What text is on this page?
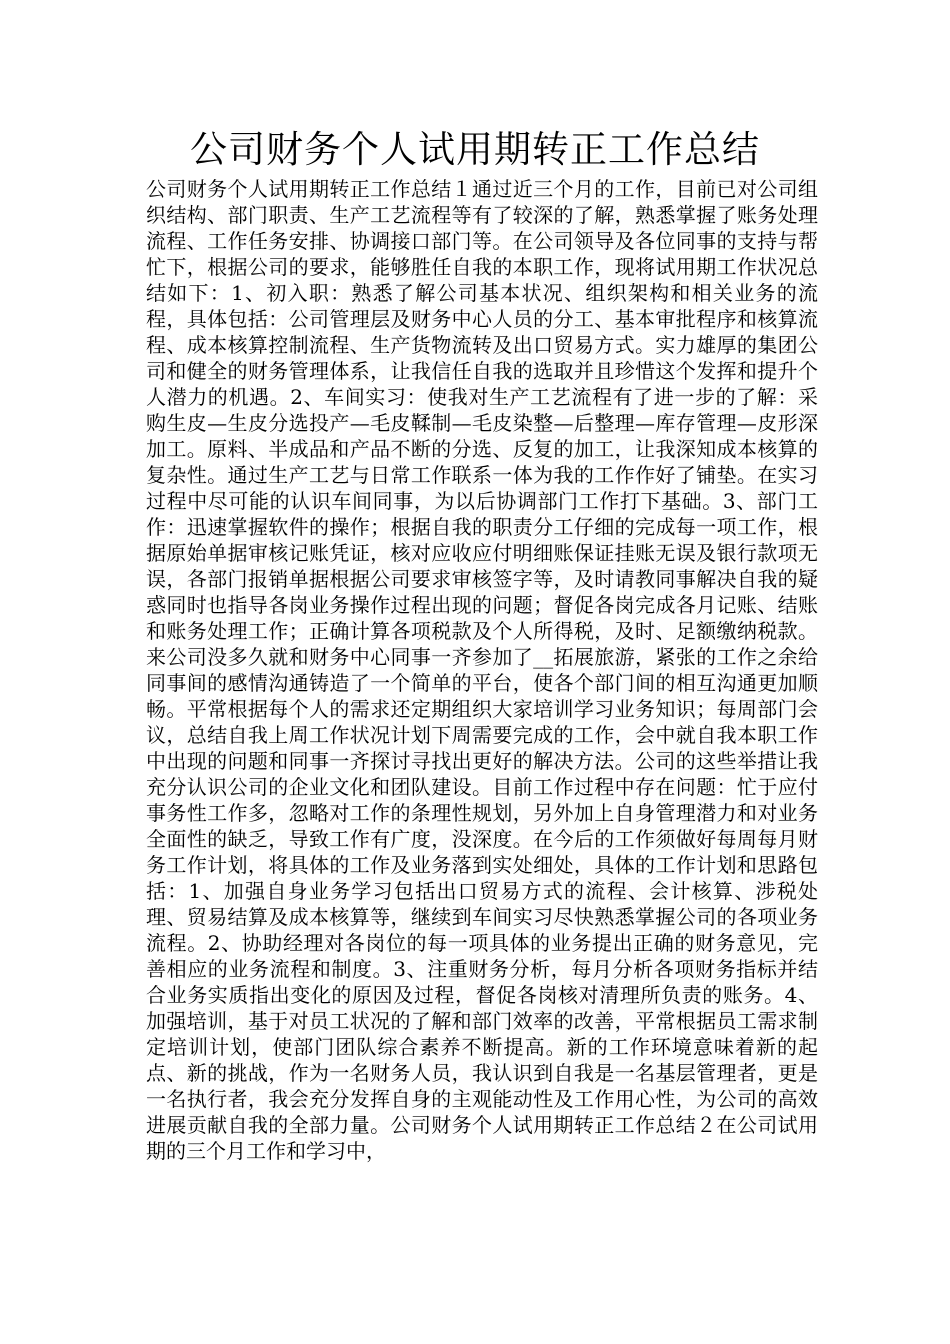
公司财务个人试用期转正工作总结

公司财务个人试用期转正工作总结１通过近三个月的工作，目前已对公司组织结构、部门职责、生产工艺流程等有了较深的了解，熟悉掌握了账务处理流程、工作任务安排、协调接口部门等。在公司领导及各位同事的支持与帮忙下，根据公司的要求，能够胜任自我的本职工作，现将试用期工作状况总结如下：1、初入职：熟悉了解公司基本状况、组织架构和相关业务的流程，具体包括：公司管理层及财务中心人员的分工、基本审批程序和核算流程、成本核算控制流程、生产货物流转及出口贸易方式。实力雄厚的集团公司和健全的财务管理体系，让我信任自我的选取并且珍惜这个发挥和提升个人潜力的机遇。2、车间实习：使我对生产工艺流程有了进一步的了解：采购生皮—生皮分选投产—毛皮鞣制—毛皮染整—后整理—库存管理—皮形深加工。原料、半成品和产品不断的分选、反复的加工，让我深知成本核算的复杂性。通过生产工艺与日常工作联系一体为我的工作作好了铺垫。在实习过程中尽可能的认识车间同事，为以后协调部门工作打下基础。3、部门工作：迅速掌握软件的操作；根据自我的职责分工仔细的完成每一项工作，根据原始单据审核记账凭证，核对应收应付明细账保证挂账无误及银行款项无误，各部门报销单据根据公司要求审核签字等，及时请教同事解决自我的疑惑同时也指导各岗业务操作过程出现的问题；督促各岗完成各月记账、结账和账务处理工作；正确计算各项税款及个人所得税，及时、足额缴纳税款。来公司没多久就和财务中心同事一齐参加了__拓展旅游，紧张的工作之余给同事间的感情沟通铸造了一个简单的平台，使各个部门间的相互沟通更加顺畅。平常根据每个人的需求还定期组织大家培训学习业务知识；每周部门会议，总结自我上周工作状况计划下周需要完成的工作，会中就自我本职工作中出现的问题和同事一齐探讨寻找出更好的解决方法。公司的这些举措让我充分认识公司的企业文化和团队建设。目前工作过程中存在问题：忙于应付事务性工作多，忽略对工作的条理性规划，另外加上自身管理潜力和对业务全面性的缺乏，导致工作有广度，没深度。在今后的工作须做好每周每月财务工作计划，将具体的工作及业务落到实处细处，具体的工作计划和思路包括：1、加强自身业务学习包括出口贸易方式的流程、会计核算、涉税处理、贸易结算及成本核算等，继续到车间实习尽快熟悉掌握公司的各项业务流程。2、协助经理对各岗位的每一项具体的业务提出正确的财务意见，完善相应的业务流程和制度。3、注重财务分析，每月分析各项财务指标并结合业务实质指出变化的原因及过程，督促各岗核对清理所负责的账务。4、加强培训，基于对员工状况的了解和部门效率的改善，平常根据员工需求制定培训计划，使部门团队综合素养不断提高。新的工作环境意味着新的起点、新的挑战，作为一名财务人员，我认识到自我是一名基层管理者，更是一名执行者，我会充分发挥自身的主观能动性及工作用心性，为公司的高效进展贡献自我的全部力量。公司财务个人试用期转正工作总结２在公司试用期的三个月工作和学习中，
